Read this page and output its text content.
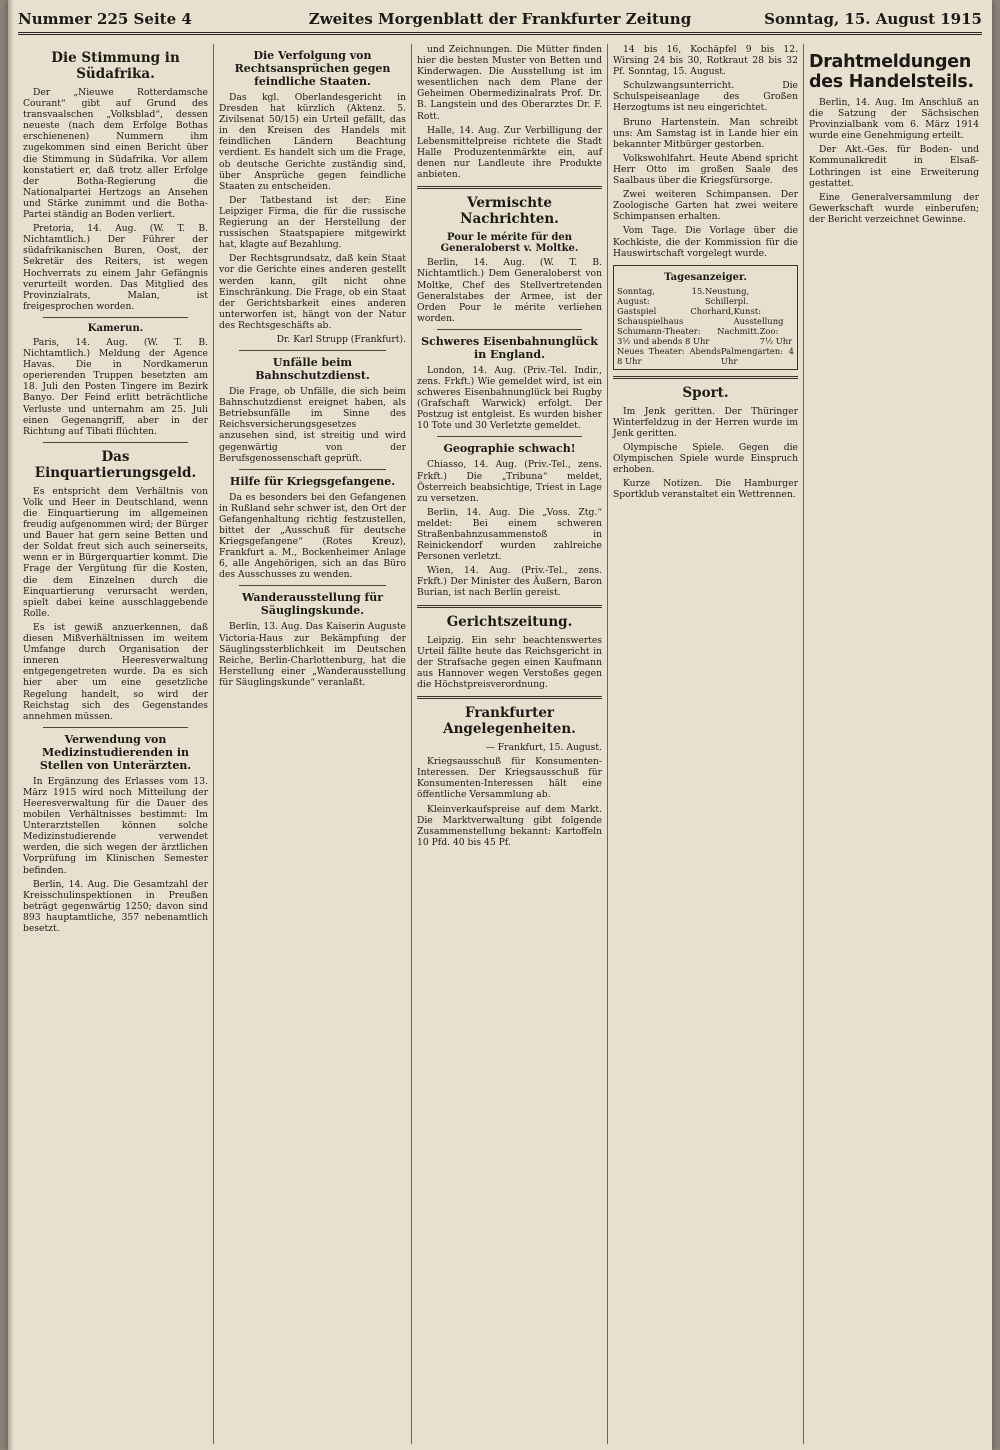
Nummer 225 Seite 4	Zweites Morgenblatt der Frankfurter Zeitung	Sonntag, 15. August 1915
Die Stimmung in Südafrika.

Der „Nieuwe Rotterdamsche Courant“ gibt auf Grund des transvaalschen „Volksblad“, dessen neueste (nach dem Erfolge Bothas erschienenen) Nummern ihm zugekommen sind einen Bericht über die Stimmung in Südafrika. Vor allem konstatiert er, daß trotz aller Erfolge der Botha-Regierung die Nationalpartei Hertzogs an Ansehen und Stärke zunimmt und die Botha-Partei ständig an Boden verliert.

Pretoria, 14. Aug. (W. T. B. Nichtamtlich.) Der Führer der südafrikanischen Buren, Oost, der Sekretär des Reiters, ist wegen Hochverrats zu einem Jahr Gefängnis verurteilt worden. Das Mitglied des Provinzialrats, Malan, ist freigesprochen worden.

Kamerun.

Paris, 14. Aug. (W. T. B. Nichtamtlich.) Meldung der Agence Havas. Die in Nordkamerun operierenden Truppen besetzten am 18. Juli den Posten Tingere im Bezirk Banyo. Der Feind erlitt beträchtliche Verluste und unternahm am 25. Juli einen Gegenangriff, aber in der Richtung auf Tibati flüchten.

Das Einquartierungsgeld.

Es entspricht dem Verhältnis von Volk und Heer in Deutschland, wenn die Einquartierung im allgemeinen freudig aufgenommen wird; der Bürger und Bauer hat gern seine Betten und der Soldat freut sich auch seinerseits, wenn er in Bürgerquartier kommt. Die Frage der Vergütung für die Kosten, die dem Einzelnen durch die Einquartierung verursacht werden, spielt dabei keine ausschlaggebende Rolle.

Es ist gewiß anzuerkennen, daß diesen Mißverhältnissen im weitem Umfange durch Organisation der inneren Heeresverwaltung entgegengetreten wurde. Da es sich hier aber um eine gesetzliche Regelung handelt, so wird der Reichstag sich des Gegenstandes annehmen müssen.

Verwendung von Medizinstudierenden in Stellen von Unterärzten.

In Ergänzung des Erlasses vom 13. März 1915 wird noch Mitteilung der Heeresverwaltung für die Dauer des mobilen Verhältnisses bestimmt: Im Unterarztstellen können solche Medizinstudierende verwendet werden, die sich wegen der ärztlichen Vorprüfung im Klinischen Semester befinden.

Berlin, 14. Aug. Die Gesamtzahl der Kreisschulinspektionen in Preußen beträgt gegenwärtig 1250; davon sind 893 hauptamtliche, 357 nebenamtlich besetzt.

Die Verfolgung von Rechtsansprüchen gegen feindliche Staaten.

Das kgl. Oberlandesgericht in Dresden hat kürzlich (Aktenz. 5. Zivilsenat 50/15) ein Urteil gefällt, das in den Kreisen des Handels mit feindlichen Ländern Beachtung verdient. Es handelt sich um die Frage, ob deutsche Gerichte zuständig sind, über Ansprüche gegen feindliche Staaten zu entscheiden.

Der Tatbestand ist der: Eine Leipziger Firma, die für die russische Regierung an der Herstellung der russischen Staatspapiere mitgewirkt hat, klagte auf Bezahlung.

Der Rechtsgrundsatz, daß kein Staat vor die Gerichte eines anderen gestellt werden kann, gilt nicht ohne Einschränkung. Die Frage, ob ein Staat der Gerichtsbarkeit eines anderen unterworfen ist, hängt von der Natur des Rechtsgeschäfts ab.

Dr. Karl Strupp (Frankfurt).

Unfälle beim Bahnschutzdienst.

Die Frage, ob Unfälle, die sich beim Bahnschutzdienst ereignet haben, als Betriebsunfälle im Sinne des Reichsversicherungsgesetzes anzusehen sind, ist streitig und wird gegenwärtig von der Berufsgenossenschaft geprüft.

Hilfe für Kriegsgefangene.

Da es besonders bei den Gefangenen in Rußland sehr schwer ist, den Ort der Gefangenhaltung richtig festzustellen, bittet der „Ausschuß für deutsche Kriegsgefangene“ (Rotes Kreuz), Frankfurt a. M., Bockenheimer Anlage 6, alle Angehörigen, sich an das Büro des Ausschusses zu wenden.

Wanderausstellung für Säuglingskunde.

Berlin, 13. Aug. Das Kaiserin Auguste Victoria-Haus zur Bekämpfung der Säuglingssterblichkeit im Deutschen Reiche, Berlin-Charlottenburg, hat die Herstellung einer „Wanderausstellung für Säuglingskunde“ veranlaßt.

und Zeichnungen. Die Mütter finden hier die besten Muster von Betten und Kinderwagen. Die Ausstellung ist im wesentlichen nach dem Plane der Geheimen Obermedizinalrats Prof. Dr. B. Langstein und des Oberarztes Dr. F. Rott.

Halle, 14. Aug. Zur Verbilligung der Lebensmittelpreise richtete die Stadt Halle Produzentenmärkte ein, auf denen nur Landleute ihre Produkte anbieten.

Vermischte Nachrichten.
Pour le mérite für den Generaloberst v. Moltke.

Berlin, 14. Aug. (W. T. B. Nichtamtlich.) Dem Generaloberst von Moltke, Chef des Stellvertretenden Generalstabes der Armee, ist der Orden Pour le mérite verliehen worden.

Schweres Eisenbahnunglück in England.

London, 14. Aug. (Priv.-Tel. Indir., zens. Frkft.) Wie gemeldet wird, ist ein schweres Eisenbahnunglück bei Rugby (Grafschaft Warwick) erfolgt. Der Postzug ist entgleist. Es wurden bisher 10 Tote und 30 Verletzte gemeldet.

Geographie schwach!

Chiasso, 14. Aug. (Priv.-Tel., zens. Frkft.) Die „Tribuna“ meldet, Österreich beabsichtige, Triest in Lage zu versetzen.

Berlin, 14. Aug. Die „Voss. Ztg.“ meldet: Bei einem schweren Straßenbahnzusammenstoß in Reinickendorf wurden zahlreiche Personen verletzt.

Wien, 14. Aug. (Priv.-Tel., zens. Frkft.) Der Minister des Äußern, Baron Burian, ist nach Berlin gereist.

Gerichtszeitung.

Leipzig. Ein sehr beachtenswertes Urteil fällte heute das Reichsgericht in der Strafsache gegen einen Kaufmann aus Hannover wegen Verstoßes gegen die Höchstpreisverordnung.

Frankfurter Angelegenheiten.

— Frankfurt, 15. August.

Kriegsausschuß für Konsumenten-Interessen. Der Kriegsausschuß für Konsumenten-Interessen hält eine öffentliche Versammlung ab.

Kleinverkaufspreise auf dem Markt. Die Marktverwaltung gibt folgende Zusammenstellung bekannt: Kartoffeln 10 Pfd. 40 bis 45 Pf.

14 bis 16, Kochäpfel 9 bis 12. Wirsing 24 bis 30, Rotkraut 28 bis 32 Pf. Sonntag, 15. August.

Schulzwangsunterricht. Die Schulspeiseanlage des Großen Herzogtums ist neu eingerichtet.

Bruno Hartenstein. Man schreibt uns: Am Samstag ist in Lande hier ein bekannter Mitbürger gestorben.

Volkswohlfahrt. Heute Abend spricht Herr Otto im großen Saale des Saalbaus über die Kriegsfürsorge.

Zwei weiteren Schimpansen. Der Zoologische Garten hat zwei weitere Schimpansen erhalten.

Vom Tage. Die Vorlage über die Kochkiste, die der Kommission für die Hauswirtschaft vorgelegt wurde.

Tagesanzeiger.
Sonntag, 15. August:
Neustung, Schillerpl.
Gastspiel Chorhard, Schauspielhaus
Kunst: Ausstellung
Schumann-Theater: Nachmitt. 3½ und abends 8 Uhr
Zoo: 7½ Uhr
Neues Theater: Abends 8 Uhr
Palmengarten: 4 Uhr
Sport.

Im Jenk geritten. Der Thüringer Winterfeldzug in der Herren wurde im Jenk geritten.

Olympische Spiele. Gegen die Olympischen Spiele wurde Einspruch erhoben.

Kurze Notizen. Die Hamburger Sportklub veranstaltet ein Wettrennen.

Drahtmeldungen des Handelsteils.

Berlin, 14. Aug. Im Anschluß an die Satzung der Sächsischen Provinzialbank vom 6. März 1914 wurde eine Genehmigung erteilt.

Der Akt.-Ges. für Boden- und Kommunalkredit in Elsaß-Lothringen ist eine Erweiterung gestattet.

Eine Generalversammlung der Gewerkschaft wurde einberufen; der Bericht verzeichnet Gewinne.
